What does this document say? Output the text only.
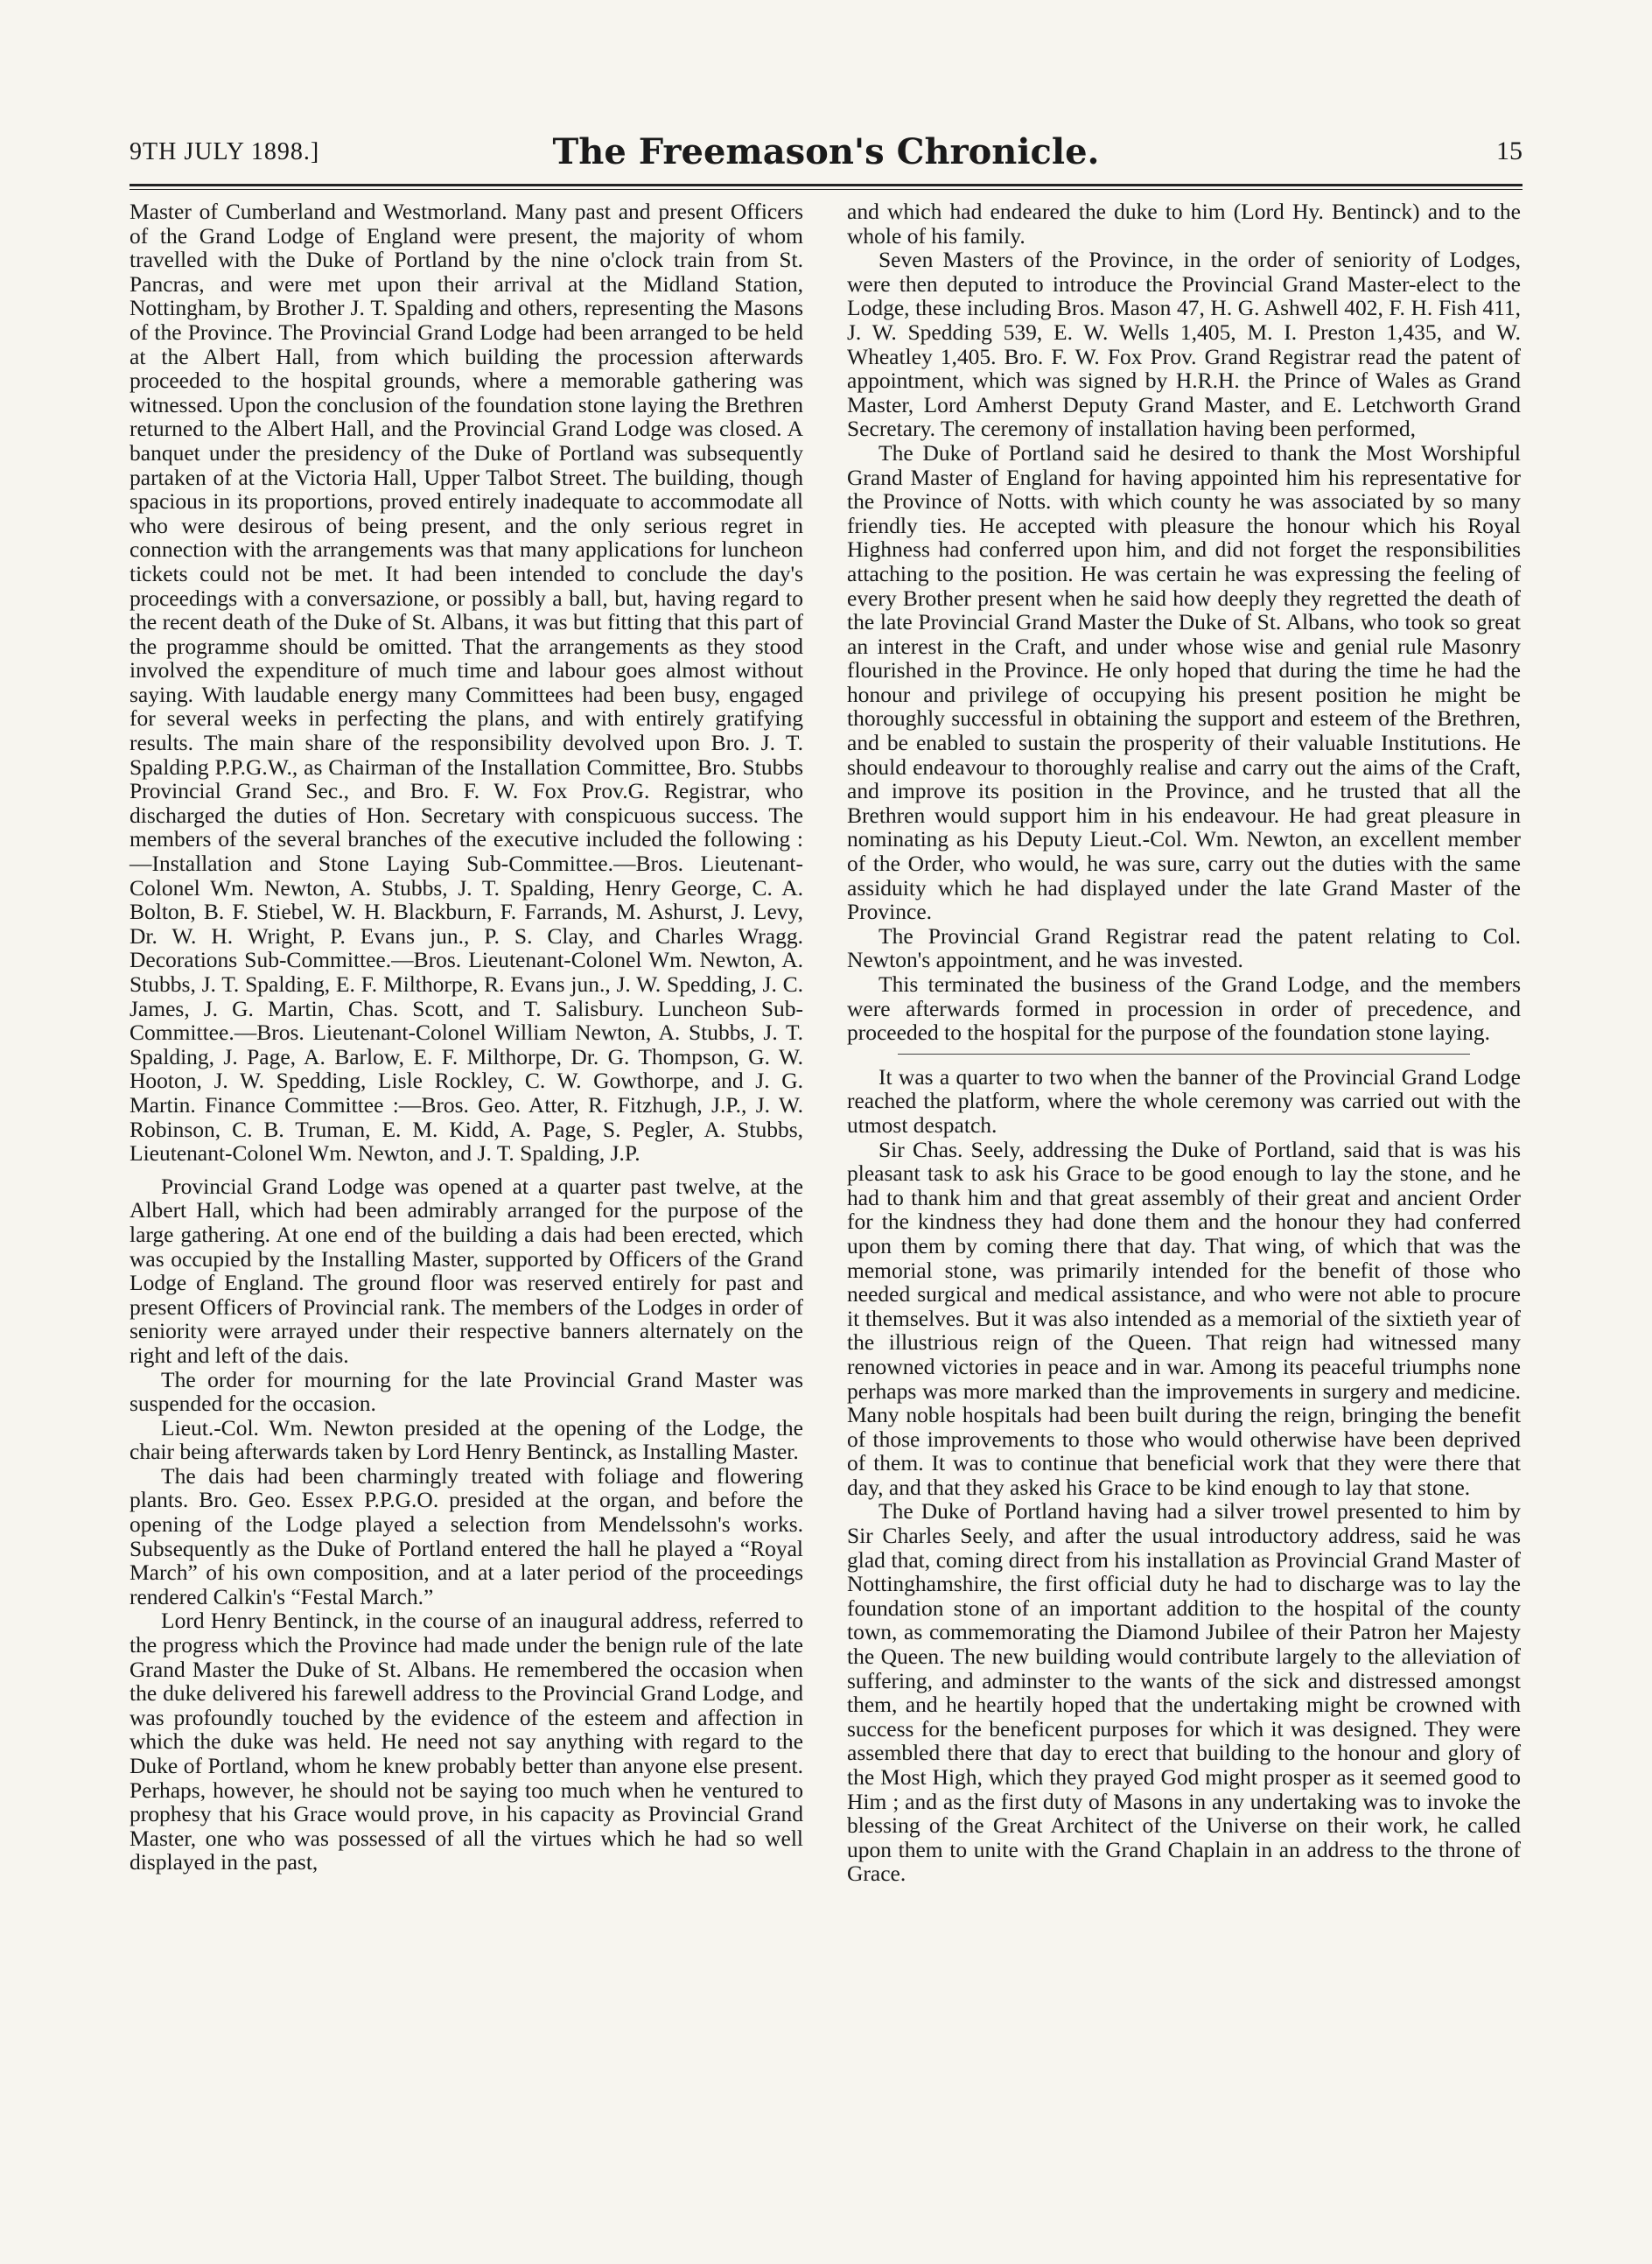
9TH JULY 1898.]	The Freemason's Chronicle.	15

Master of Cumberland and Westmorland. Many past and present Officers of the Grand Lodge of England were present, the majority of whom travelled with the Duke of Portland by the nine o'clock train from St. Pancras, and were met upon their arrival at the Midland Station, Nottingham, by Brother J. T. Spalding and others, representing the Masons of the Province. The Provincial Grand Lodge had been arranged to be held at the Albert Hall, from which building the procession afterwards proceeded to the hospital grounds, where a memorable gathering was witnessed. Upon the conclusion of the foundation stone laying the Brethren returned to the Albert Hall, and the Provincial Grand Lodge was closed. A banquet under the presidency of the Duke of Portland was subsequently partaken of at the Victoria Hall, Upper Talbot Street. The building, though spacious in its proportions, proved entirely inadequate to accommodate all who were desirous of being present, and the only serious regret in connection with the arrangements was that many applications for luncheon tickets could not be met. It had been intended to conclude the day's proceedings with a conversazione, or possibly a ball, but, having regard to the recent death of the Duke of St. Albans, it was but fitting that this part of the programme should be omitted. That the arrangements as they stood involved the expenditure of much time and labour goes almost without saying. With laudable energy many Committees had been busy, engaged for several weeks in perfecting the plans, and with entirely gratifying results. The main share of the responsibility devolved upon Bro. J. T. Spalding P.P.G.W., as Chairman of the Installation Committee, Bro. Stubbs Provincial Grand Sec., and Bro. F. W. Fox Prov.G. Registrar, who discharged the duties of Hon. Secretary with conspicuous success. The members of the several branches of the executive included the following :—Installation and Stone Laying Sub-Committee.—Bros. Lieutenant-Colonel Wm. Newton, A. Stubbs, J. T. Spalding, Henry George, C. A. Bolton, B. F. Stiebel, W. H. Blackburn, F. Farrands, M. Ashurst, J. Levy, Dr. W. H. Wright, P. Evans jun., P. S. Clay, and Charles Wragg. Decorations Sub-Committee.—Bros. Lieutenant-Colonel Wm. Newton, A. Stubbs, J. T. Spalding, E. F. Milthorpe, R. Evans jun., J. W. Spedding, J. C. James, J. G. Martin, Chas. Scott, and T. Salisbury. Luncheon Sub-Committee.—Bros. Lieutenant-Colonel William Newton, A. Stubbs, J. T. Spalding, J. Page, A. Barlow, E. F. Milthorpe, Dr. G. Thompson, G. W. Hooton, J. W. Spedding, Lisle Rockley, C. W. Gowthorpe, and J. G. Martin. Finance Committee :—Bros. Geo. Atter, R. Fitzhugh, J.P., J. W. Robinson, C. B. Truman, E. M. Kidd, A. Page, S. Pegler, A. Stubbs, Lieutenant-Colonel Wm. Newton, and J. T. Spalding, J.P.

Provincial Grand Lodge was opened at a quarter past twelve, at the Albert Hall, which had been admirably arranged for the purpose of the large gathering. At one end of the building a dais had been erected, which was occupied by the Installing Master, supported by Officers of the Grand Lodge of England. The ground floor was reserved entirely for past and present Officers of Provincial rank. The members of the Lodges in order of seniority were arrayed under their respective banners alternately on the right and left of the dais.

The order for mourning for the late Provincial Grand Master was suspended for the occasion.

Lieut.-Col. Wm. Newton presided at the opening of the Lodge, the chair being afterwards taken by Lord Henry Bentinck, as Installing Master.

The dais had been charmingly treated with foliage and flowering plants. Bro. Geo. Essex P.P.G.O. presided at the organ, and before the opening of the Lodge played a selection from Mendelssohn's works. Subsequently as the Duke of Portland entered the hall he played a “Royal March” of his own composition, and at a later period of the proceedings rendered Calkin's “Festal March.”

Lord Henry Bentinck, in the course of an inaugural address, referred to the progress which the Province had made under the benign rule of the late Grand Master the Duke of St. Albans. He remembered the occasion when the duke delivered his farewell address to the Provincial Grand Lodge, and was profoundly touched by the evidence of the esteem and affection in which the duke was held. He need not say anything with regard to the Duke of Portland, whom he knew probably better than anyone else present. Perhaps, however, he should not be saying too much when he ventured to prophesy that his Grace would prove, in his capacity as Provincial Grand Master, one who was possessed of all the virtues which he had so well displayed in the past,

and which had endeared the duke to him (Lord Hy. Bentinck) and to the whole of his family.

Seven Masters of the Province, in the order of seniority of Lodges, were then deputed to introduce the Provincial Grand Master-elect to the Lodge, these including Bros. Mason 47, H. G. Ashwell 402, F. H. Fish 411, J. W. Spedding 539, E. W. Wells 1,405, M. I. Preston 1,435, and W. Wheatley 1,405. Bro. F. W. Fox Prov. Grand Registrar read the patent of appointment, which was signed by H.R.H. the Prince of Wales as Grand Master, Lord Amherst Deputy Grand Master, and E. Letchworth Grand Secretary. The ceremony of installation having been performed,

The Duke of Portland said he desired to thank the Most Worshipful Grand Master of England for having appointed him his representative for the Province of Notts. with which county he was associated by so many friendly ties. He accepted with pleasure the honour which his Royal Highness had conferred upon him, and did not forget the responsibilities attaching to the position. He was certain he was expressing the feeling of every Brother present when he said how deeply they regretted the death of the late Provincial Grand Master the Duke of St. Albans, who took so great an interest in the Craft, and under whose wise and genial rule Masonry flourished in the Province. He only hoped that during the time he had the honour and privilege of occupying his present position he might be thoroughly successful in obtaining the support and esteem of the Brethren, and be enabled to sustain the prosperity of their valuable Institutions. He should endeavour to thoroughly realise and carry out the aims of the Craft, and improve its position in the Province, and he trusted that all the Brethren would support him in his endeavour. He had great pleasure in nominating as his Deputy Lieut.-Col. Wm. Newton, an excellent member of the Order, who would, he was sure, carry out the duties with the same assiduity which he had displayed under the late Grand Master of the Province.

The Provincial Grand Registrar read the patent relating to Col. Newton's appointment, and he was invested.

This terminated the business of the Grand Lodge, and the members were afterwards formed in procession in order of precedence, and proceeded to the hospital for the purpose of the foundation stone laying.

It was a quarter to two when the banner of the Provincial Grand Lodge reached the platform, where the whole ceremony was carried out with the utmost despatch.

Sir Chas. Seely, addressing the Duke of Portland, said that is was his pleasant task to ask his Grace to be good enough to lay the stone, and he had to thank him and that great assembly of their great and ancient Order for the kindness they had done them and the honour they had conferred upon them by coming there that day. That wing, of which that was the memorial stone, was primarily intended for the benefit of those who needed surgical and medical assistance, and who were not able to procure it themselves. But it was also intended as a memorial of the sixtieth year of the illustrious reign of the Queen. That reign had witnessed many renowned victories in peace and in war. Among its peaceful triumphs none perhaps was more marked than the improvements in surgery and medicine. Many noble hospitals had been built during the reign, bringing the benefit of those improvements to those who would otherwise have been deprived of them. It was to continue that beneficial work that they were there that day, and that they asked his Grace to be kind enough to lay that stone.

The Duke of Portland having had a silver trowel presented to him by Sir Charles Seely, and after the usual introductory address, said he was glad that, coming direct from his installation as Provincial Grand Master of Nottinghamshire, the first official duty he had to discharge was to lay the foundation stone of an important addition to the hospital of the county town, as commemorating the Diamond Jubilee of their Patron her Majesty the Queen. The new building would contribute largely to the alleviation of suffering, and adminster to the wants of the sick and distressed amongst them, and he heartily hoped that the undertaking might be crowned with success for the beneficent purposes for which it was designed. They were assembled there that day to erect that building to the honour and glory of the Most High, which they prayed God might prosper as it seemed good to Him ; and as the first duty of Masons in any undertaking was to invoke the blessing of the Great Architect of the Universe on their work, he called upon them to unite with the Grand Chaplain in an address to the throne of Grace.
